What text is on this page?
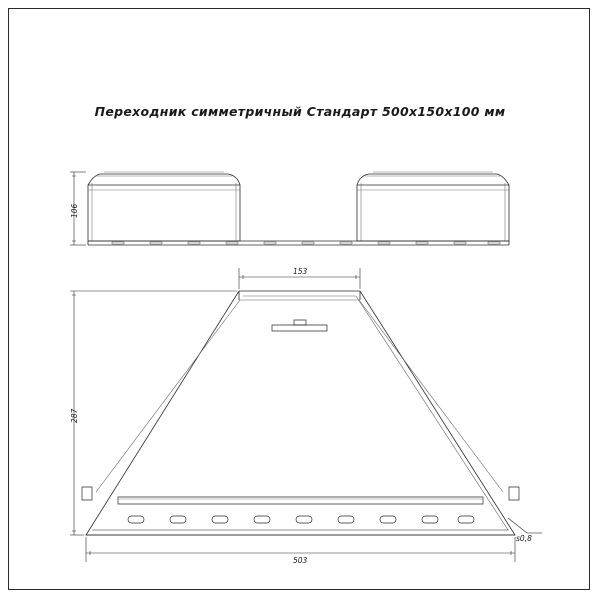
Переходник симметричный Стандарт 500х150х100 мм
106
153
287
503
s0,8
